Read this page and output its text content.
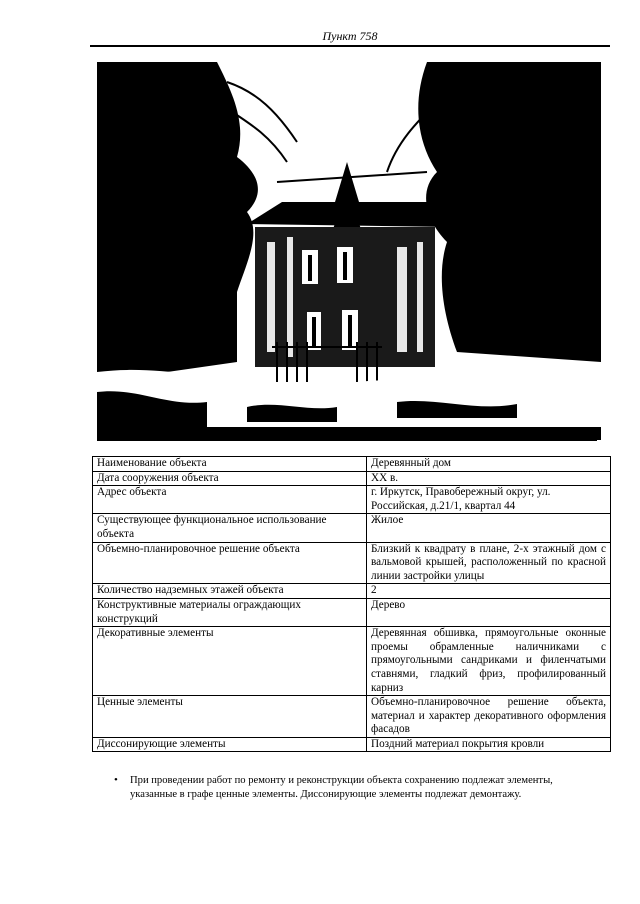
Пункт 758
Наименование объекта	Деревянный дом
Дата сооружения объекта	XX в.
Адрес объекта	г. Иркутск, Правобережный округ, ул. Российская, д.21/1, квартал 44
Существующее функциональное использование объекта	Жилое
Объемно-планировочное решение объекта	Близкий к квадрату в плане, 2-х этажный дом с вальмовой крышей, расположенный по красной линии застройки улицы
Количество надземных этажей объекта	2
Конструктивные материалы ограждающих конструкций	Дерево
Декоративные элементы	Деревянная обшивка, прямоугольные оконные проемы обрамленные наличниками с прямоугольными сандриками и филенчатыми ставнями, гладкий фриз, профилированный карниз
Ценные элементы	Объемно-планировочное решение объекта, материал и характер декоративного оформления фасадов
Диссонирующие элементы	Поздний материал покрытия кровли
• При проведении работ по ремонту и реконструкции объекта сохранению подлежат элементы, указанные в графе ценные элементы. Диссонирующие элементы подлежат демонтажу.
